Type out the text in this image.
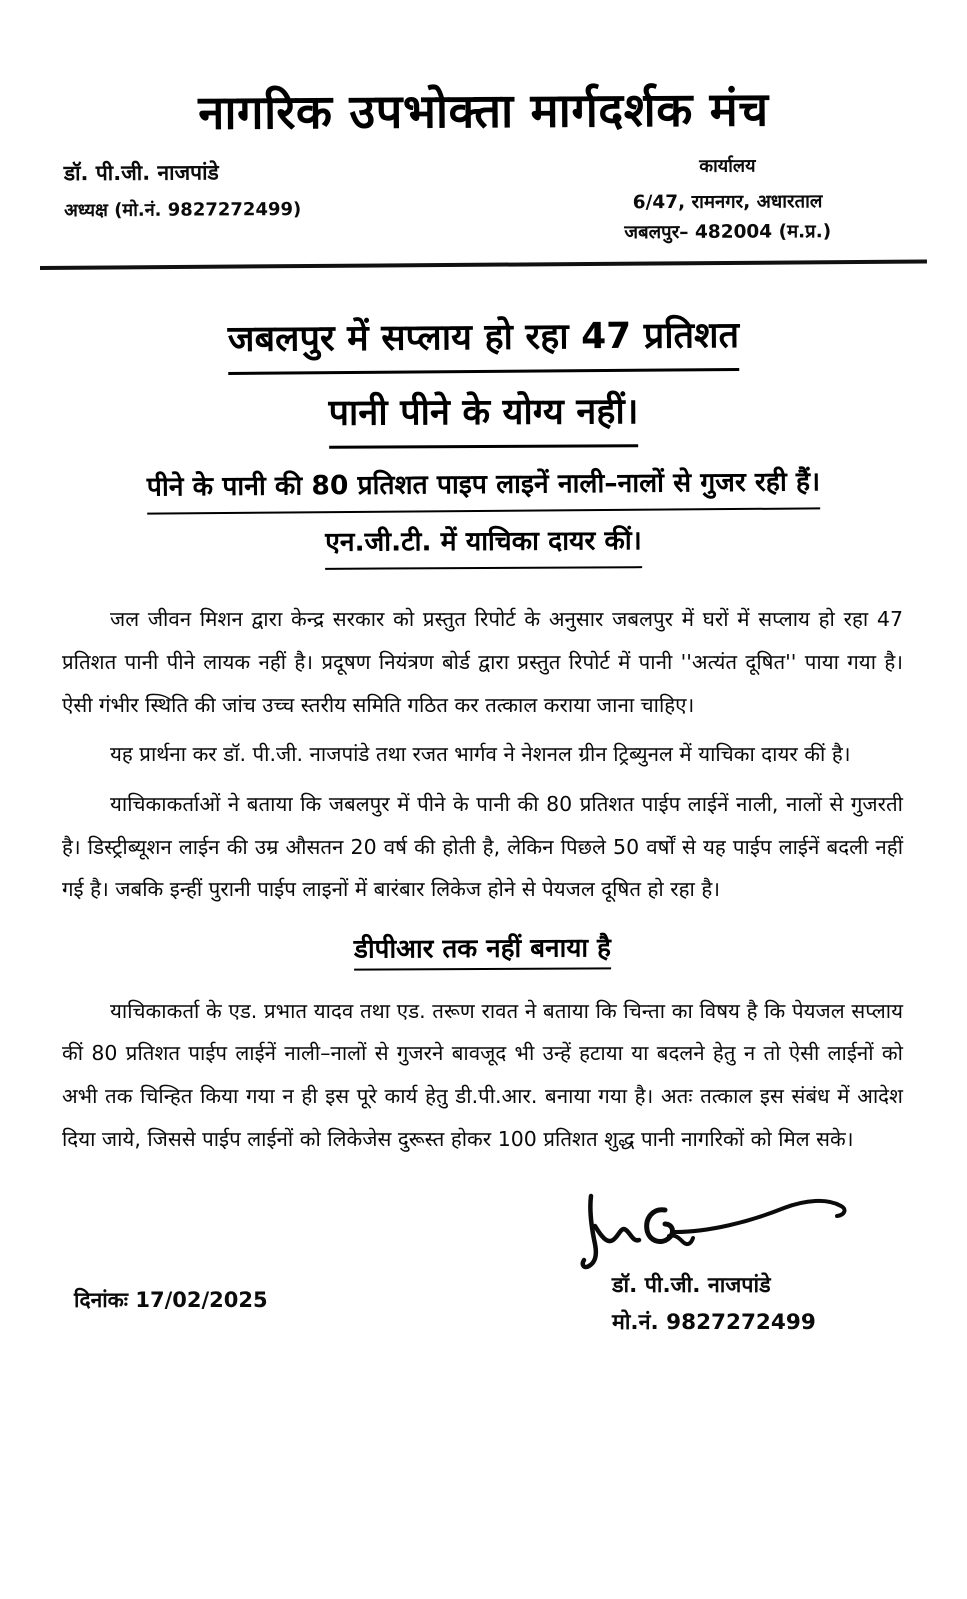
नागरिक उपभोक्ता मार्गदर्शक मंच
डॉ. पी.जी. नाजपांडे
अध्यक्ष (मो.नं. 9827272499)
कार्यालय
6/47, रामनगर, अधारताल
जबलपुर– 482004 (म.प्र.)
जबलपुर में सप्लाय हो रहा 47 प्रतिशत
पानी पीने के योग्य नहीं।
पीने के पानी की 80 प्रतिशत पाइप लाइनें नाली–नालों से गुजर रही हैं।
एन.जी.टी. में याचिका दायर कीं।

जल जीवन मिशन द्वारा केन्द्र सरकार को प्रस्तुत रिपोर्ट के अनुसार जबलपुर में घरों में सप्लाय हो रहा 47 प्रतिशत पानी पीने लायक नहीं है। प्रदूषण नियंत्रण बोर्ड द्वारा प्रस्तुत रिपोर्ट में पानी ''अत्यंत दूषित'' पाया गया है। ऐसी गंभीर स्थिति की जांच उच्च स्तरीय समिति गठित कर तत्काल कराया जाना चाहिए।

यह प्रार्थना कर डॉ. पी.जी. नाजपांडे तथा रजत भार्गव ने नेशनल ग्रीन ट्रिब्युनल में याचिका दायर कीं है।

याचिकाकर्ताओं ने बताया कि जबलपुर में पीने के पानी की 80 प्रतिशत पाईप लाईनें नाली, नालों से गुजरती है। डिस्ट्रीब्यूशन लाईन की उम्र औसतन 20 वर्ष की होती है, लेकिन पिछले 50 वर्षों से यह पाईप लाईनें बदली नहीं गई है। जबकि इन्हीं पुरानी पाईप लाइनों में बारंबार लिकेज होने से पेयजल दूषित हो रहा है।

डीपीआर तक नहीं बनाया है

याचिकाकर्ता के एड. प्रभात यादव तथा एड. तरूण रावत ने बताया कि चिन्ता का विषय है कि पेयजल सप्लाय कीं 80 प्रतिशत पाईप लाईनें नाली–नालों से गुजरने बावजूद भी उन्हें हटाया या बदलने हेतु न तो ऐसी लाईनों को अभी तक चिन्हित किया गया न ही इस पूरे कार्य हेतु डी.पी.आर. बनाया गया है। अतः तत्काल इस संबंध में आदेश दिया जाये, जिससे पाईप लाईनों को लिकेजेस दुरूस्त होकर 100 प्रतिशत शुद्ध पानी नागरिकों को मिल सके।

दिनांकः 17/02/2025
डॉ. पी.जी. नाजपांडे
मो.नं. 9827272499
